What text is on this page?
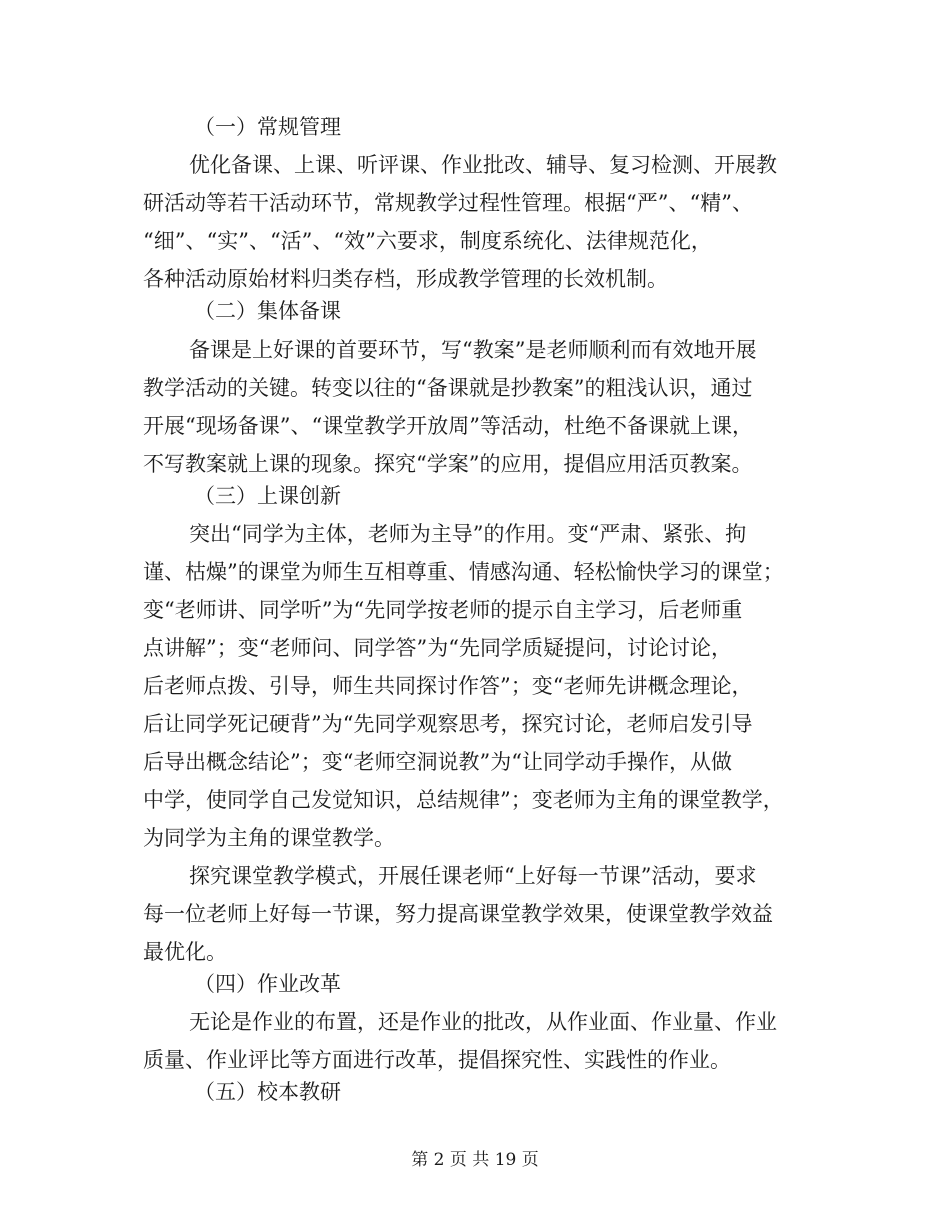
（一）常规管理
优化备课、上课、听评课、作业批改、辅导、复习检测、开展教
研活动等若干活动环节，常规教学过程性管理。根据“严”、“精”、
“细”、“实”、“活”、“效”六要求，制度系统化、法律规范化，
各种活动原始材料归类存档，形成教学管理的长效机制。
（二）集体备课
备课是上好课的首要环节，写“教案”是老师顺利而有效地开展
教学活动的关键。转变以往的“备课就是抄教案”的粗浅认识，通过
开展“现场备课”、“课堂教学开放周”等活动，杜绝不备课就上课，
不写教案就上课的现象。探究“学案”的应用，提倡应用活页教案。
（三）上课创新
突出“同学为主体，老师为主导”的作用。变“严肃、紧张、拘
谨、枯燥”的课堂为师生互相尊重、情感沟通、轻松愉快学习的课堂；
变“老师讲、同学听”为“先同学按老师的提示自主学习，后老师重
点讲解”；变“老师问、同学答”为“先同学质疑提问，讨论讨论，
后老师点拨、引导，师生共同探讨作答”；变“老师先讲概念理论，
后让同学死记硬背”为“先同学观察思考，探究讨论，老师启发引导
后导出概念结论”；变“老师空洞说教”为“让同学动手操作，从做
中学，使同学自己发觉知识，总结规律”；变老师为主角的课堂教学，
为同学为主角的课堂教学。
探究课堂教学模式，开展任课老师“上好每一节课”活动，要求
每一位老师上好每一节课，努力提高课堂教学效果，使课堂教学效益
最优化。
（四）作业改革
无论是作业的布置，还是作业的批改，从作业面、作业量、作业
质量、作业评比等方面进行改革，提倡探究性、实践性的作业。
（五）校本教研
第 2 页 共 19 页
